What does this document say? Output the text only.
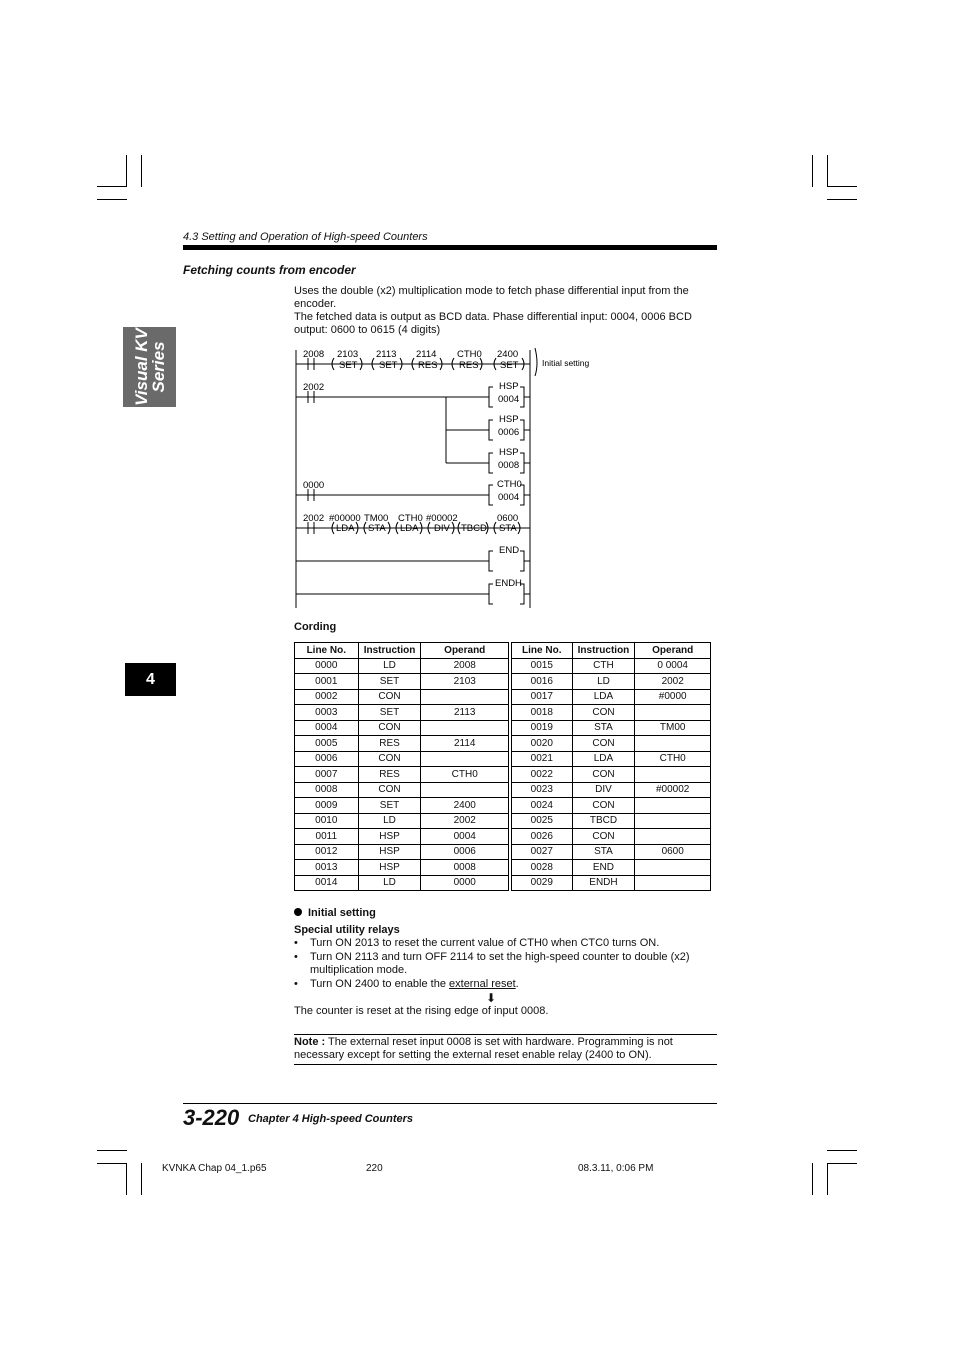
4.3 Setting and Operation of High-speed Counters
Visual KV
Series
4
Fetching counts from encoder

Uses the double (x2) multiplication mode to fetch phase differential input from the encoder.

The fetched data is output as BCD data. Phase differential input: 0004, 0006 BCD output: 0600 to 0615 (4 digits)

2008 2103 2113 2114 CTH0 2400
SET SET RES RES SET	Initial setting
2002	HSP
0004
HSP
0006
HSP
0008
0000	CTH0
0004
2002 #00000 TM00 CTH0 #00002	0600
LDA STA LDA DIV TBCD STA
END
ENDH
Cording
Line No.	Instruction	Operand
0000	LD	2008
0001	SET	2103
0002	CON	
0003	SET	2113
0004	CON	
0005	RES	2114
0006	CON	
0007	RES	CTH0
0008	CON	
0009	SET	2400
0010	LD	2002
0011	HSP	0004
0012	HSP	0006
0013	HSP	0008
0014	LD	0000
Line No.	Instruction	Operand
0015	CTH	0 0004
0016	LD	2002
0017	LDA	#0000
0018	CON	
0019	STA	TM00
0020	CON	
0021	LDA	CTH0
0022	CON	
0023	DIV	#00002
0024	CON	
0025	TBCD	
0026	CON	
0027	STA	0600
0028	END	
0029	ENDH	
Initial setting
Special utility relays
• Turn ON 2013 to reset the current value of CTH0 when CTC0 turns ON.
• Turn ON 2113 and turn OFF 2114 to set the high-speed counter to double (x2) multiplication mode.
• Turn ON 2400 to enable the external reset.
⬇
The counter is reset at the rising edge of input 0008.
Note : The external reset input 0008 is set with hardware. Programming is not necessary except for setting the external reset enable relay (2400 to ON).
3-220 Chapter 4 High-speed Counters
KVNKA Chap 04_1.p65	220	08.3.11, 0:06 PM
